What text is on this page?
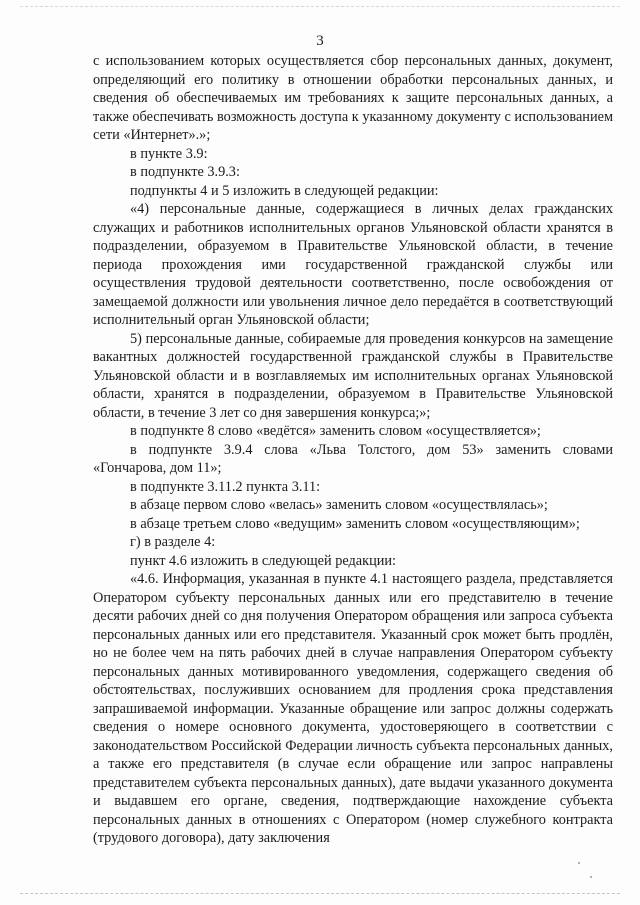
3

с использованием которых осуществляется сбор персональных данных, документ, определяющий его политику в отношении обработки персональных данных, и сведения об обеспечиваемых им требованиях к защите персональных данных, а также обеспечивать возможность доступа к указанному документу с использованием сети «Интернет».»;

в пункте 3.9:

в подпункте 3.9.3:

подпункты 4 и 5 изложить в следующей редакции:

«4) персональные данные, содержащиеся в личных делах гражданских служащих и работников исполнительных органов Ульяновской области хранятся в подразделении, образуемом в Правительстве Ульяновской области, в течение периода прохождения ими государственной гражданской службы или осуществления трудовой деятельности соответственно, после освобождения от замещаемой должности или увольнения личное дело передаётся в соответствующий исполнительный орган Ульяновской области;

5) персональные данные, собираемые для проведения конкурсов на замещение вакантных должностей государственной гражданской службы в Правительстве Ульяновской области и в возглавляемых им исполнительных органах Ульяновской области, хранятся в подразделении, образуемом в Правительстве Ульяновской области, в течение 3 лет со дня завершения конкурса;»;

в подпункте 8 слово «ведётся» заменить словом «осуществляется»;

в подпункте 3.9.4 слова «Льва Толстого, дом 53» заменить словами «Гончарова, дом 11»;

в подпункте 3.11.2 пункта 3.11:

в абзаце первом слово «велась» заменить словом «осуществлялась»;

в абзаце третьем слово «ведущим» заменить словом «осуществляющим»;

г) в разделе 4:

пункт 4.6 изложить в следующей редакции:

«4.6. Информация, указанная в пункте 4.1 настоящего раздела, представляется Оператором субъекту персональных данных или его представителю в течение десяти рабочих дней со дня получения Оператором обращения или запроса субъекта персональных данных или его представителя. Указанный срок может быть продлён, но не более чем на пять рабочих дней в случае направления Оператором субъекту персональных данных мотивированного уведомления, содержащего сведения об обстоятельствах, послуживших основанием для продления срока представления запрашиваемой информации. Указанные обращение или запрос должны содержать сведения о номере основного документа, удостоверяющего в соответствии с законодательством Российской Федерации личность субъекта персональных данных, а также его представителя (в случае если обращение или запрос направлены представителем субъекта персональных данных), дате выдачи указанного документа и выдавшем его органе, сведения, подтверждающие нахождение субъекта персональных данных в отношениях с Оператором (номер служебного контракта (трудового договора), дату заключения
